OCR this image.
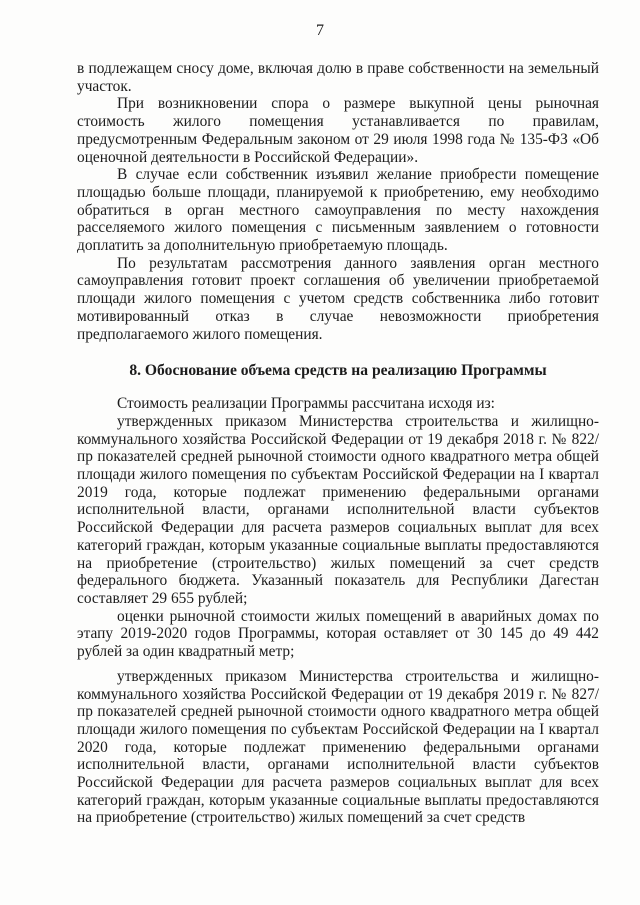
7

в подлежащем сносу доме, включая долю в праве собственности на земельный участок.

При возникновении спора о размере выкупной цены рыночная стоимость жилого помещения устанавливается по правилам, предусмотренным Федеральным законом от 29 июля 1998 года № 135-ФЗ «Об оценочной деятельности в Российской Федерации».

В случае если собственник изъявил желание приобрести помещение площадью больше площади, планируемой к приобретению, ему необходимо обратиться в орган местного самоуправления по месту нахождения расселяемого жилого помещения с письменным заявлением о готовности доплатить за дополнительную приобретаемую площадь.

По результатам рассмотрения данного заявления орган местного самоуправления готовит проект соглашения об увеличении приобретаемой площади жилого помещения с учетом средств собственника либо готовит мотивированный отказ в случае невозможности приобретения предполагаемого жилого помещения.

8. Обоснование объема средств на реализацию Программы

Стоимость реализации Программы рассчитана исходя из:

утвержденных приказом Министерства строительства и жилищно-коммунального хозяйства Российской Федерации от 19 декабря 2018 г. № 822/пр показателей средней рыночной стоимости одного квадратного метра общей площади жилого помещения по субъектам Российской Федерации на I квартал 2019 года, которые подлежат применению федеральными органами исполнительной власти, органами исполнительной власти субъектов Российской Федерации для расчета размеров социальных выплат для всех категорий граждан, которым указанные социальные выплаты предоставляются на приобретение (строительство) жилых помещений за счет средств федерального бюджета. Указанный показатель для Республики Дагестан составляет 29 655 рублей;

оценки рыночной стоимости жилых помещений в аварийных домах по этапу 2019-2020 годов Программы, которая оставляет от 30 145 до 49 442 рублей за один квадратный метр;

утвержденных приказом Министерства строительства и жилищно-коммунального хозяйства Российской Федерации от 19 декабря 2019 г. № 827/пр показателей средней рыночной стоимости одного квадратного метра общей площади жилого помещения по субъектам Российской Федерации на I квартал 2020 года, которые подлежат применению федеральными органами исполнительной власти, органами исполнительной власти субъектов Российской Федерации для расчета размеров социальных выплат для всех категорий граждан, которым указанные социальные выплаты предоставляются на приобретение (строительство) жилых помещений за счет средств
